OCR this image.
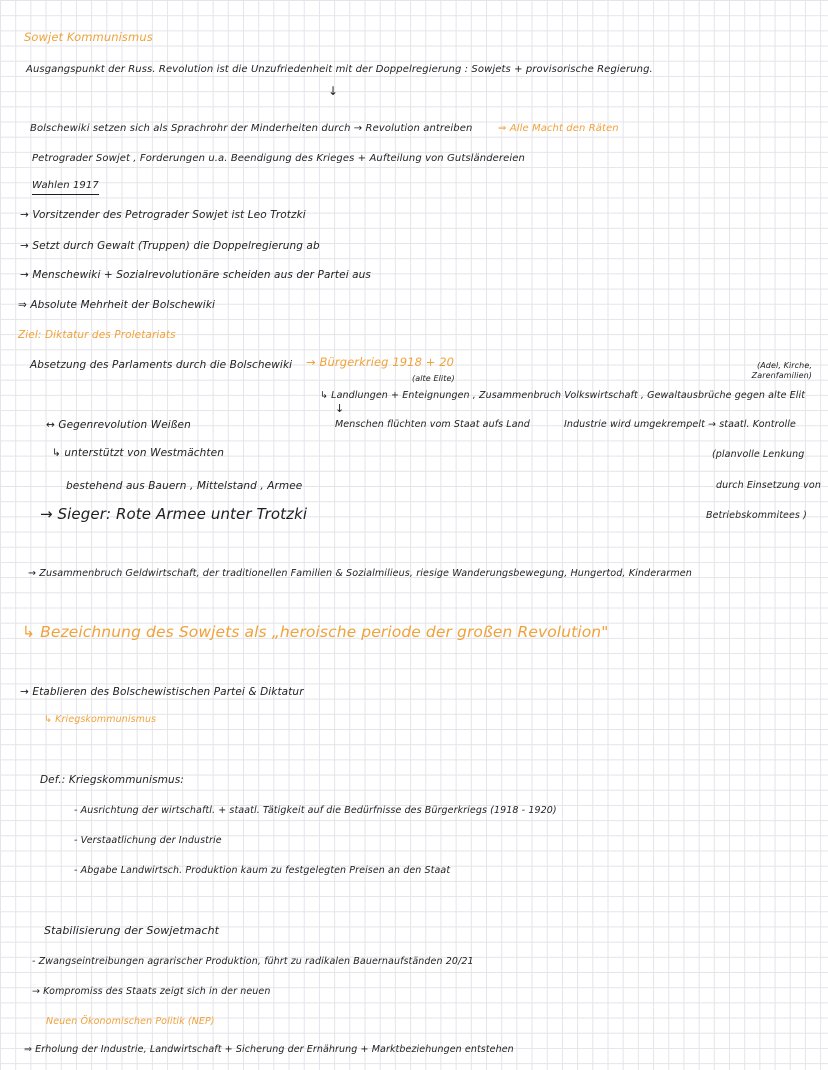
Sowjet Kommunismus
Ausgangspunkt der Russ. Revolution ist die Unzufriedenheit mit der Doppelregierung : Sowjets + provisorische Regierung.
↓
Bolschewiki setzen sich als Sprachrohr der Minderheiten durch → Revolution antreiben	⇒ Alle Macht den Räten
Petrograder Sowjet , Forderungen u.a. Beendigung des Krieges + Aufteilung von Gutsländereien
Wahlen 1917
→ Vorsitzender des Petrograder Sowjet ist Leo Trotzki
→ Setzt durch Gewalt (Truppen) die Doppelregierung ab
→ Menschewiki + Sozialrevolutionäre scheiden aus der Partei aus
⇒ Absolute Mehrheit der Bolschewiki
Ziel: Diktatur des Proletariats
Absetzung des Parlaments durch die Bolschewiki → Bürgerkrieg 1918 + 20
(alte Elite)
(Adel, Kirche, Zarenfamilien)
↳ Landlungen + Enteignungen , Zusammenbruch Volkswirtschaft , Gewaltausbrüche gegen alte Elit
↓
Menschen flüchten vom Staat aufs Land	Industrie wird umgekrempelt → staatl. Kontrolle
(planvolle Lenkung
durch Einsetzung von
Betriebskommitees )
↔ Gegenrevolution Weißen
↳ unterstützt von Westmächten
bestehend aus Bauern , Mittelstand , Armee
→ Sieger: Rote Armee unter Trotzki
→ Zusammenbruch Geldwirtschaft, der traditionellen Familien & Sozialmilieus, riesige Wanderungsbewegung, Hungertod, Kinderarmen
↳ Bezeichnung des Sowjets als „heroische periode der großen Revolution"
→ Etablieren des Bolschewistischen Partei & Diktatur
↳ Kriegskommunismus
Def.: Kriegskommunismus:
- Ausrichtung der wirtschaftl. + staatl. Tätigkeit auf die Bedürfnisse des Bürgerkriegs (1918 - 1920)
- Verstaatlichung der Industrie
- Abgabe Landwirtsch. Produktion kaum zu festgelegten Preisen an den Staat
Stabilisierung der Sowjetmacht
- Zwangseintreibungen agrarischer Produktion, führt zu radikalen Bauernaufständen 20/21
→ Kompromiss des Staats zeigt sich in der neuen
Neuen Ökonomischen Politik (NEP)
⇒ Erholung der Industrie, Landwirtschaft + Sicherung der Ernährung + Marktbeziehungen entstehen
